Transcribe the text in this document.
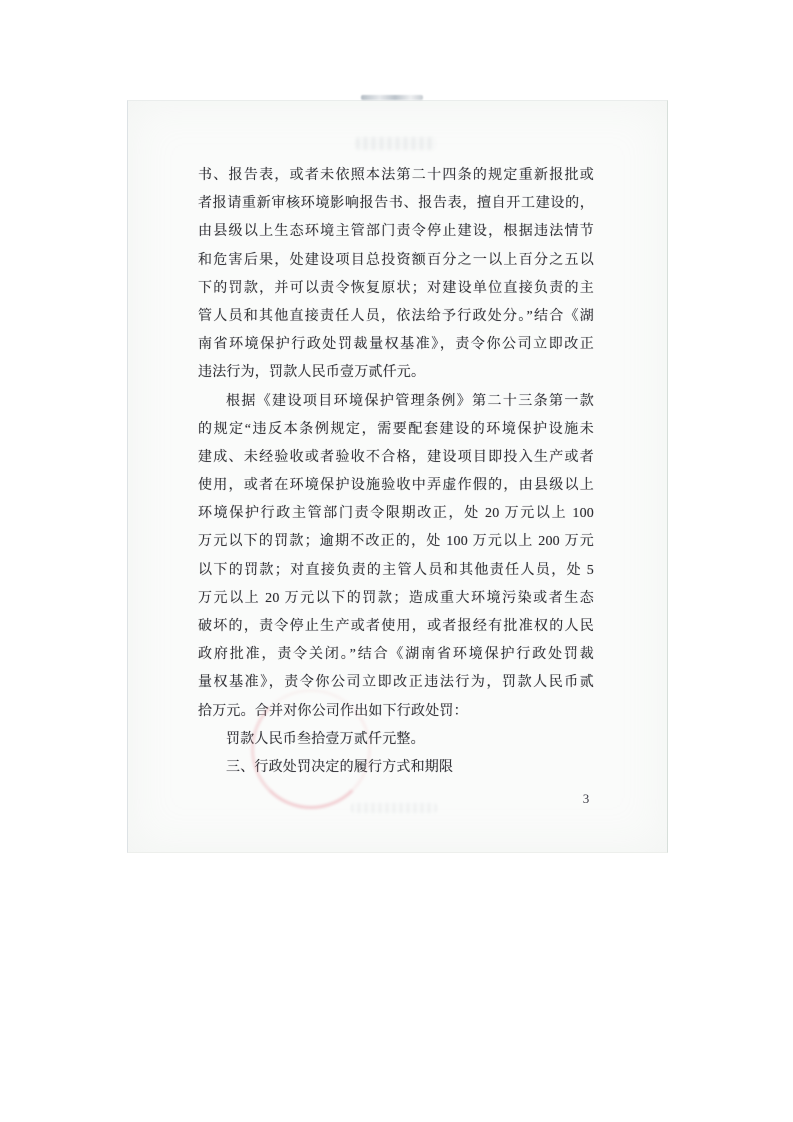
书、报告表，或者未依照本法第二十四条的规定重新报批或
者报请重新审核环境影响报告书、报告表，擅自开工建设的，
由县级以上生态环境主管部门责令停止建设，根据违法情节
和危害后果，处建设项目总投资额百分之一以上百分之五以
下的罚款，并可以责令恢复原状；对建设单位直接负责的主
管人员和其他直接责任人员，依法给予行政处分。”结合《湖
南省环境保护行政处罚裁量权基准》，责令你公司立即改正
违法行为，罚款人民币壹万贰仟元。
根据《建设项目环境保护管理条例》第二十三条第一款
的规定“违反本条例规定，需要配套建设的环境保护设施未
建成、未经验收或者验收不合格，建设项目即投入生产或者
使用，或者在环境保护设施验收中弄虚作假的，由县级以上
环境保护行政主管部门责令限期改正，处 20 万元以上 100
万元以下的罚款；逾期不改正的，处 100 万元以上 200 万元
以下的罚款；对直接负责的主管人员和其他责任人员，处 5
万元以上 20 万元以下的罚款；造成重大环境污染或者生态
破坏的，责令停止生产或者使用，或者报经有批准权的人民
政府批准，责令关闭。”结合《湖南省环境保护行政处罚裁
量权基准》，责令你公司立即改正违法行为，罚款人民币贰
拾万元。合并对你公司作出如下行政处罚：
罚款人民币叁拾壹万贰仟元整。
三、行政处罚决定的履行方式和期限
3
